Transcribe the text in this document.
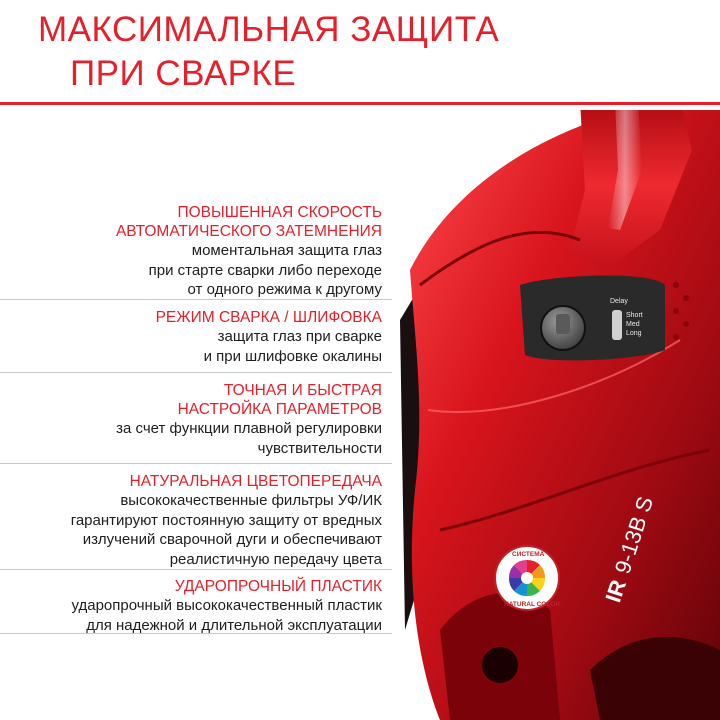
МАКСИМАЛЬНАЯ ЗАЩИТА
ПРИ СВАРКЕ
Delay
Short
Med
Long
IR
9-13B S
СИСТЕМА
NATURAL COLOR
ПОВЫШЕННАЯ СКОРОСТЬ
АВТОМАТИЧЕСКОГО ЗАТЕМНЕНИЯ
моментальная защита глаз
при старте сварки либо переходе
от одного режима к другому
РЕЖИМ СВАРКА / ШЛИФОВКА
защита глаз при сварке
и при шлифовке окалины
ТОЧНАЯ И БЫСТРАЯ
НАСТРОЙКА ПАРАМЕТРОВ
за счет функции плавной регулировки
чувствительности
НАТУРАЛЬНАЯ ЦВЕТОПЕРЕДАЧА
высококачественные фильтры УФ/ИК
гарантируют постоянную защиту от вредных
излучений сварочной дуги и обеспечивают
реалистичную передачу цвета
УДАРОПРОЧНЫЙ ПЛАСТИК
ударопрочный высококачественный пластик
для надежной и длительной эксплуатации
